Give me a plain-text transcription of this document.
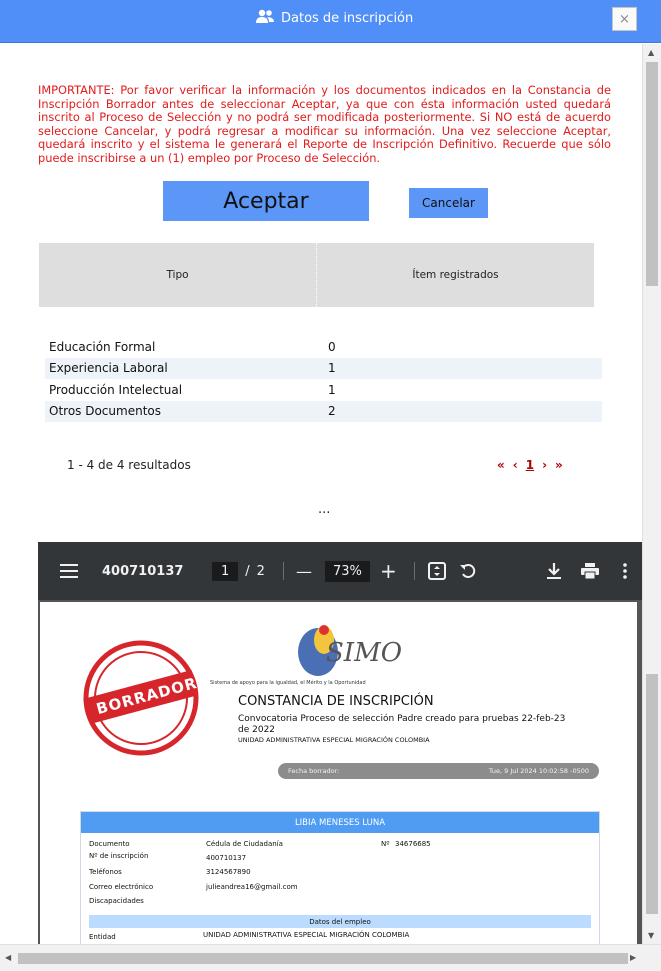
Datos de inscripción	×

IMPORTANTE: Por favor verificar la información y los documentos indicados en la Constancia de Inscripción Borrador antes de seleccionar Aceptar, ya que con ésta información usted quedará inscrito al Proceso de Selección y no podrá ser modificada posteriormente. Si NO está de acuerdo seleccione Cancelar, y podrá regresar a modificar su información. Una vez seleccione Aceptar, quedará inscrito y el sistema le generará el Reporte de Inscripción Definitivo. Recuerde que sólo puede inscribirse a un (1) empleo por Proceso de Selección.

Aceptar	Cancelar
Tipo	Ítem registrados
Educación Formal	0
Experiencia Laboral	1
Producción Intelectual	1
Otros Documentos	2
1 - 4 de 4 resultados	« ‹ 1 › »
...
400710137	1	/ 2 —	73% +
BORRADOR
SIMO
Sistema de apoyo para la igualdad, el Mérito y la Oportunidad
CONSTANCIA DE INSCRIPCIÓN
Convocatoria Proceso de selección Padre creado para pruebas 22-feb-23 de 2022
UNIDAD ADMINISTRATIVA ESPECIAL MIGRACIÓN COLOMBIA
Fecha borrador:	Tue, 9 Jul 2024 10:02:58 -0500
LIBIA MENESES LUNA
Documento	Cédula de Ciudadanía	Nº 34676685
Nº de inscripción	400710137
Teléfonos	3124567890
Correo electrónico	julieandrea16@gmail.com
Discapacidades
Datos del empleo
Entidad	UNIDAD ADMINISTRATIVA ESPECIAL MIGRACIÓN COLOMBIA
▲
▼
◀	▶
